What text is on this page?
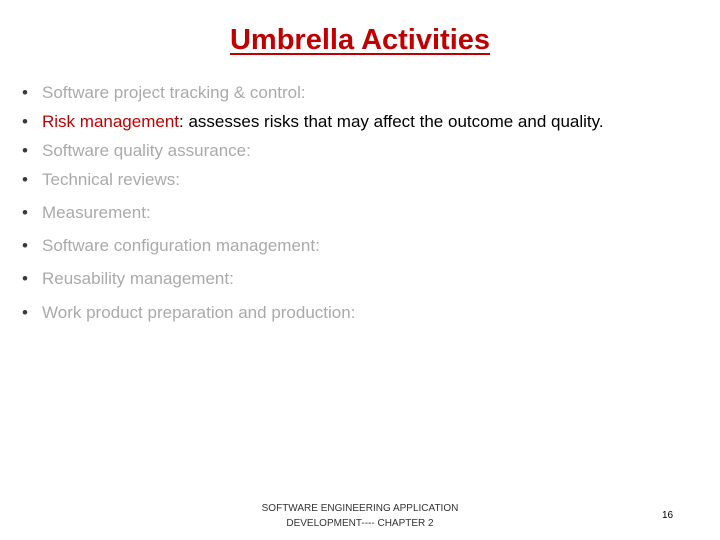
Umbrella Activities
• Software project tracking & control:
• Risk management: assesses risks that may affect the outcome and quality.
• Software quality assurance:
• Technical reviews:
• Measurement:
• Software configuration management:
• Reusability management:
• Work product preparation and production:
SOFTWARE ENGINEERING APPLICATION
DEVELOPMENT---- CHAPTER 2
16
